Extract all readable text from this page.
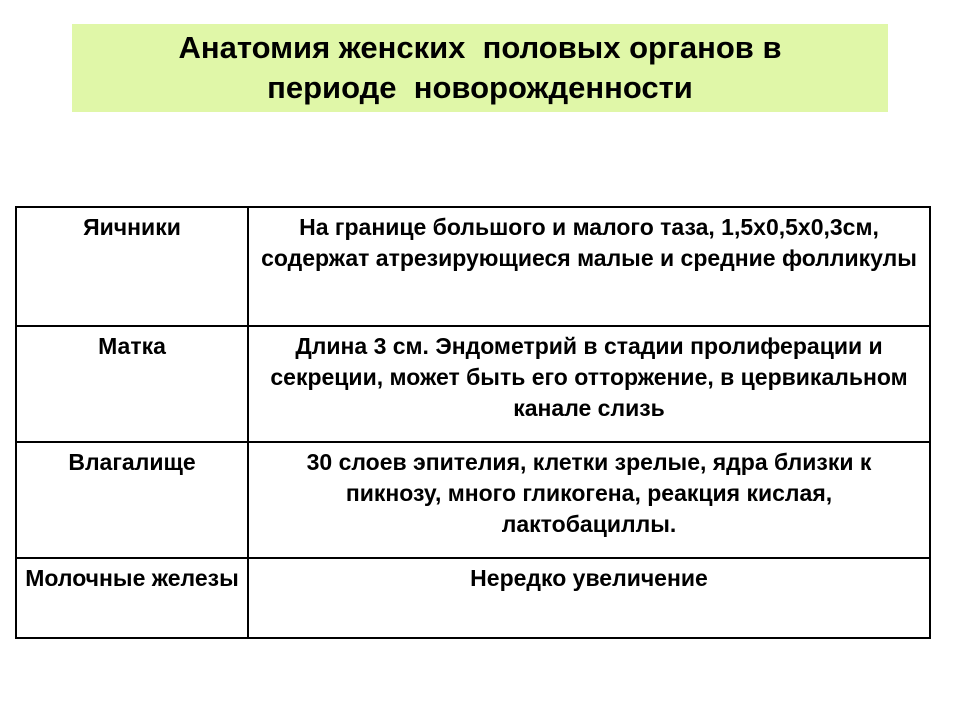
Анатомия женских  половых органов в
периоде  новорожденности
Яичники	На границе большого и малого таза, 1,5х0,5х0,3см, содержат атрезирующиеся малые и средние фолликулы
Матка	Длина 3 см. Эндометрий в стадии пролиферации и секреции, может быть его отторжение, в цервикальном канале слизь
Влагалище	30 слоев эпителия, клетки зрелые, ядра близки к пикнозу, много гликогена, реакция кислая, лактобациллы.
Молочные железы	Нередко увеличение
